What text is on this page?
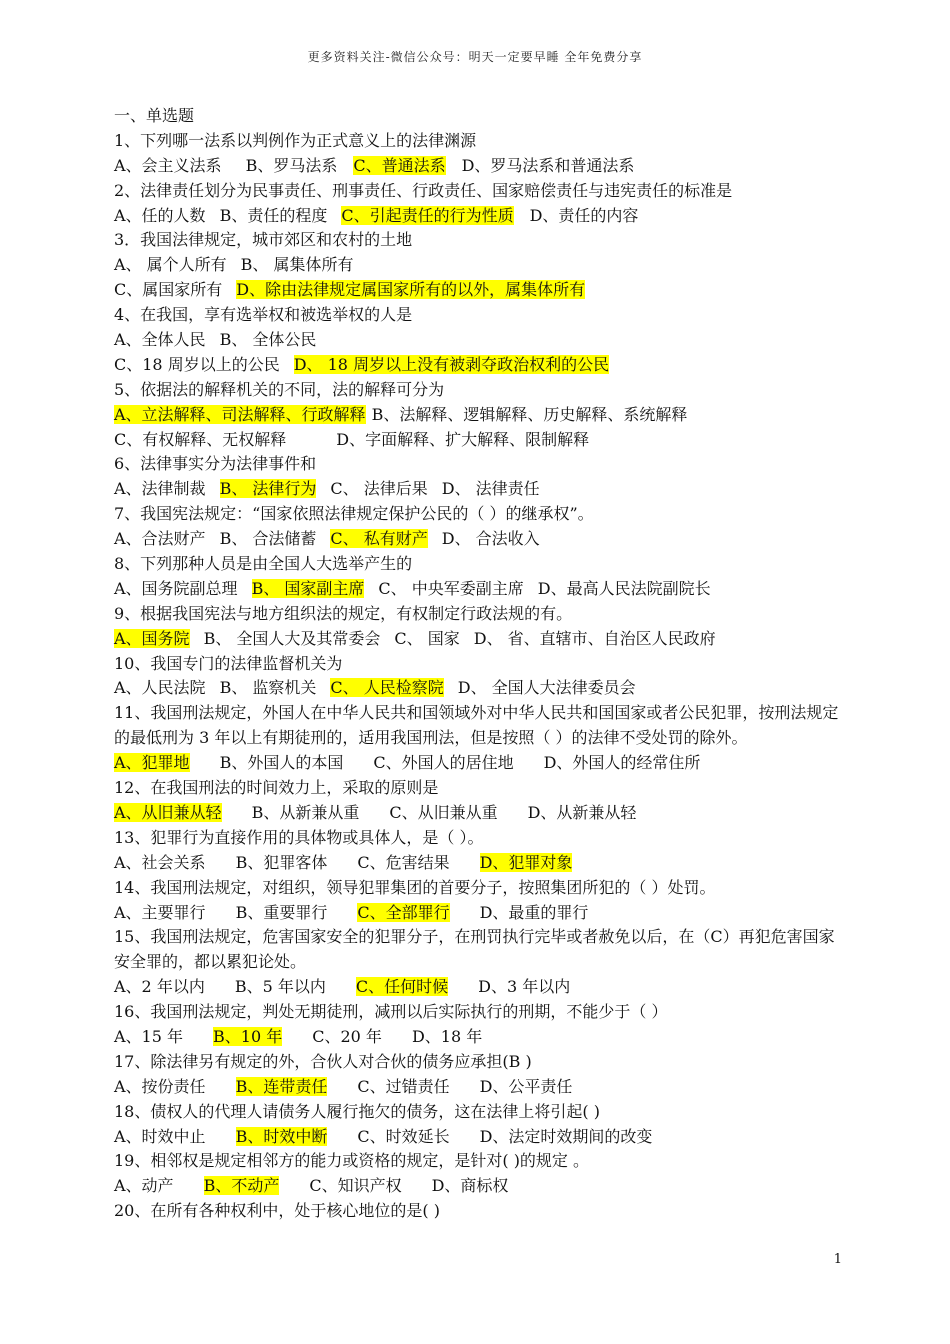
更多资料关注-微信公众号：明天一定要早睡 全年免费分享
一、单选题
1、下列哪一法系以判例作为正式意义上的法律渊源
A、会主义法系 B、罗马法系 C、普通法系 D、罗马法系和普通法系
2、法律责任划分为民事责任、刑事责任、行政责任、国家赔偿责任与违宪责任的标准是
A、任的人数 B、责任的程度 C、引起责任的行为性质 D、责任的内容
3．我国法律规定，城市郊区和农村的土地
A、 属个人所有 B、 属集体所有
C、属国家所有 D、除由法律规定属国家所有的以外，属集体所有
4、在我国，享有选举权和被选举权的人是
A、全体人民 B、 全体公民
C、18 周岁以上的公民 D、 18 周岁以上没有被剥夺政治权利的公民
5、依据法的解释机关的不同，法的解释可分为
A、立法解释、司法解释、行政解释 B、法解释、逻辑解释、历史解释、系统解释
C、有权解释、无权解释	D、字面解释、扩大解释、限制解释
6、法律事实分为法律事件和
A、法律制裁 B、 法律行为 C、 法律后果 D、 法律责任
7、我国宪法规定：“国家依照法律规定保护公民的（ ）的继承权”。
A、合法财产 B、 合法储蓄 C、 私有财产 D、 合法收入
8、下列那种人员是由全国人大选举产生的
A、国务院副总理 B、 国家副主席 C、 中央军委副主席 D、最高人民法院副院长
9、根据我国宪法与地方组织法的规定，有权制定行政法规的有。
A、国务院 B、 全国人大及其常委会 C、 国家 D、 省、直辖市、自治区人民政府
10、我国专门的法律监督机关为
A、人民法院 B、 监察机关 C、 人民检察院 D、 全国人大法律委员会
11、我国刑法规定，外国人在中华人民共和国领域外对中华人民共和国国家或者公民犯罪，按刑法规定的最低刑为 3 年以上有期徒刑的，适用我国刑法，但是按照（ ）的法律不受处罚的除外。
A、犯罪地 B、外国人的本国 C、外国人的居住地 D、外国人的经常住所
12、在我国刑法的时间效力上，采取的原则是
A、从旧兼从轻 B、从新兼从重 C、从旧兼从重 D、从新兼从轻
13、犯罪行为直接作用的具体物或具体人，是（ ）。
A、社会关系 B、犯罪客体 C、危害结果 D、犯罪对象
14、我国刑法规定，对组织，领导犯罪集团的首要分子，按照集团所犯的（ ）处罚。
A、主要罪行 B、重要罪行 C、全部罪行 D、最重的罪行
15、我国刑法规定，危害国家安全的犯罪分子，在刑罚执行完毕或者赦免以后，在（C）再犯危害国家安全罪的，都以累犯论处。
A、2 年以内 B、5 年以内 C、任何时候 D、3 年以内
16、我国刑法规定，判处无期徒刑，减刑以后实际执行的刑期，不能少于（ ）
A、15 年 B、10 年 C、20 年 D、18 年
17、除法律另有规定的外，合伙人对合伙的债务应承担(B )
A、按份责任 B、连带责任 C、过错责任 D、公平责任
18、债权人的代理人请债务人履行拖欠的债务，这在法律上将引起( )
A、时效中止 B、时效中断 C、时效延长 D、法定时效期间的改变
19、相邻权是规定相邻方的能力或资格的规定，是针对( )的规定 。
A、动产 B、不动产 C、知识产权 D、商标权
20、在所有各种权利中，处于核心地位的是( )
1
